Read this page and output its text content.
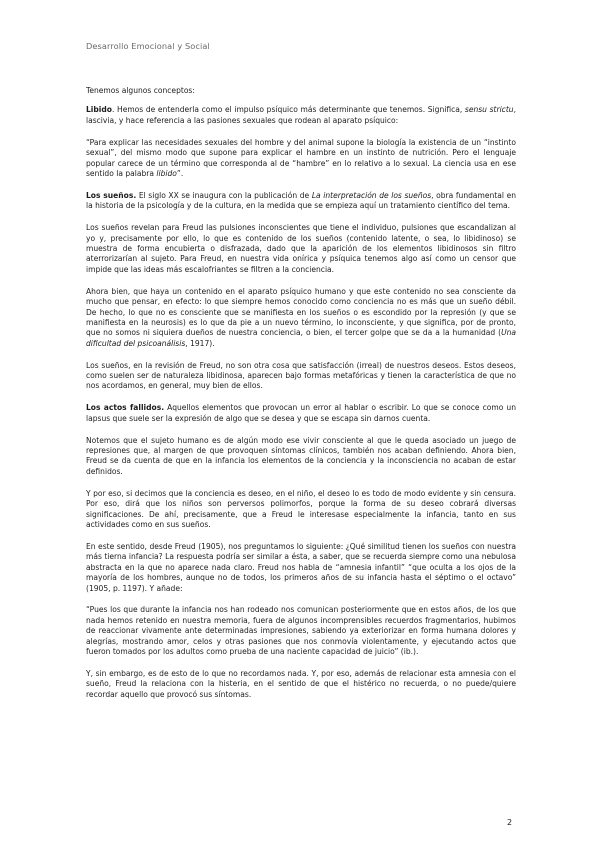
Desarrollo Emocional y Social

Tenemos algunos conceptos:

Libido. Hemos de entenderla como el impulso psíquico más determinante que tenemos. Significa, sensu strictu, lascivia, y hace referencia a las pasiones sexuales que rodean al aparato psíquico:

“Para explicar las necesidades sexuales del hombre y del animal supone la biología la existencia de un “instinto sexual”, del mismo modo que supone para explicar el hambre en un instinto de nutrición. Pero el lenguaje popular carece de un término que corresponda al de “hambre” en lo relativo a lo sexual. La ciencia usa en ese sentido la palabra libido”.

Los sueños. El siglo XX se inaugura con la publicación de La interpretación de los sueños, obra fundamental en la historia de la psicología y de la cultura, en la medida que se empieza aquí un tratamiento científico del tema.

Los sueños revelan para Freud las pulsiones inconscientes que tiene el individuo, pulsiones que escandalizan al yo y, precisamente por ello, lo que es contenido de los sueños (contenido latente, o sea, lo libidinoso) se muestra de forma encubierta o disfrazada, dado que la aparición de los elementos libidinosos sin filtro aterrorizarían al sujeto. Para Freud, en nuestra vida onírica y psíquica tenemos algo así como un censor que impide que las ideas más escalofriantes se filtren a la conciencia.

Ahora bien, que haya un contenido en el aparato psíquico humano y que este contenido no sea consciente da mucho que pensar, en efecto: lo que siempre hemos conocido como conciencia no es más que un sueño débil. De hecho, lo que no es consciente que se manifiesta en los sueños o es escondido por la represión (y que se manifiesta en la neurosis) es lo que da pie a un nuevo término, lo inconsciente, y que significa, por de pronto, que no somos ni siquiera dueños de nuestra conciencia, o bien, el tercer golpe que se da a la humanidad (Una dificultad del psicoanálisis, 1917).

Los sueños, en la revisión de Freud, no son otra cosa que satisfacción (irreal) de nuestros deseos. Estos deseos, como suelen ser de naturaleza libidinosa, aparecen bajo formas metafóricas y tienen la característica de que no nos acordamos, en general, muy bien de ellos.

Los actos fallidos. Aquellos elementos que provocan un error al hablar o escribir. Lo que se conoce como un lapsus que suele ser la expresión de algo que se desea y que se escapa sin darnos cuenta.

Notemos que el sujeto humano es de algún modo ese vivir consciente al que le queda asociado un juego de represiones que, al margen de que provoquen síntomas clínicos, también nos acaban definiendo. Ahora bien, Freud se da cuenta de que en la infancia los elementos de la conciencia y la inconsciencia no acaban de estar definidos.

Y por eso, si decimos que la conciencia es deseo, en el niño, el deseo lo es todo de modo evidente y sin censura. Por eso, dirá que los niños son perversos polimorfos, porque la forma de su deseo cobrará diversas significaciones. De ahí, precisamente, que a Freud le interesase especialmente la infancia, tanto en sus actividades como en sus sueños.

En este sentido, desde Freud (1905), nos preguntamos lo siguiente: ¿Qué similitud tienen los sueños con nuestra más tierna infancia? La respuesta podría ser similar a ésta, a saber, que se recuerda siempre como una nebulosa abstracta en la que no aparece nada claro. Freud nos habla de “amnesia infantil” “que oculta a los ojos de la mayoría de los hombres, aunque no de todos, los primeros años de su infancia hasta el séptimo o el octavo” (1905, p. 1197). Y añade:

“Pues los que durante la infancia nos han rodeado nos comunican posteriormente que en estos años, de los que nada hemos retenido en nuestra memoria, fuera de algunos incomprensibles recuerdos fragmentarios, hubimos de reaccionar vivamente ante determinadas impresiones, sabiendo ya exteriorizar en forma humana dolores y alegrías, mostrando amor, celos y otras pasiones que nos conmovía violentamente, y ejecutando actos que fueron tomados por los adultos como prueba de una naciente capacidad de juicio” (ib.).

Y, sin embargo, es de esto de lo que no recordamos nada. Y, por eso, además de relacionar esta amnesia con el sueño, Freud la relaciona con la histeria, en el sentido de que el histérico no recuerda, o no puede/quiere recordar aquello que provocó sus síntomas.

2
